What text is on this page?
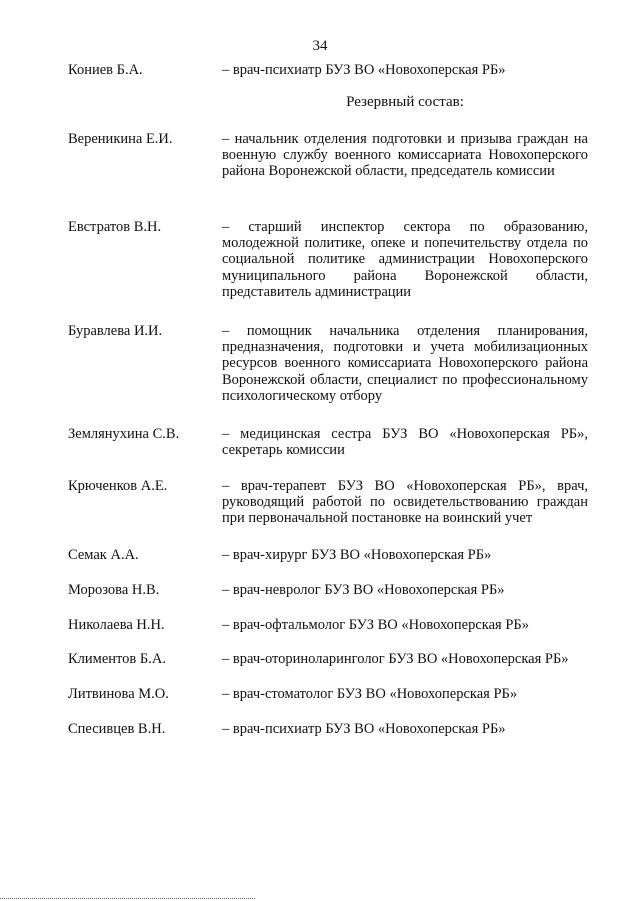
34
Кониев Б.А.	– врач-психиатр БУЗ ВО «Новохоперская РБ»
Резервный состав:
Вереникина Е.И.	– начальник отделения подготовки и призыва граждан на военную службу военного комиссариата Новохоперского района Воронежской области, председатель комиссии
Евстратов В.Н.	– старший инспектор сектора по образованию, молодежной политике, опеке и попечительству отдела по социальной политике администрации Новохоперского муниципального района Воронежской области, представитель администрации
Буравлева И.И.	– помощник начальника отделения планирования, предназначения, подготовки и учета мобилизационных ресурсов военного комиссариата Новохоперского района Воронежской области, специалист по профессиональному психологическому отбору
Землянухина С.В.	– медицинская сестра БУЗ ВО «Новохоперская РБ», секретарь комиссии
Крюченков А.Е.	– врач-терапевт БУЗ ВО «Новохоперская РБ», врач, руководящий работой по освидетельствованию граждан при первоначальной постановке на воинский учет
Семак А.А.	– врач-хирург БУЗ ВО «Новохоперская РБ»
Морозова Н.В.	– врач-невролог БУЗ ВО «Новохоперская РБ»
Николаева Н.Н.	– врач-офтальмолог БУЗ ВО «Новохоперская РБ»
Климентов Б.А.	– врач-оториноларинголог БУЗ ВО «Новохоперская РБ»
Литвинова М.О.	– врач-стоматолог БУЗ ВО «Новохоперская РБ»
Спесивцев В.Н.	– врач-психиатр БУЗ ВО «Новохоперская РБ»
